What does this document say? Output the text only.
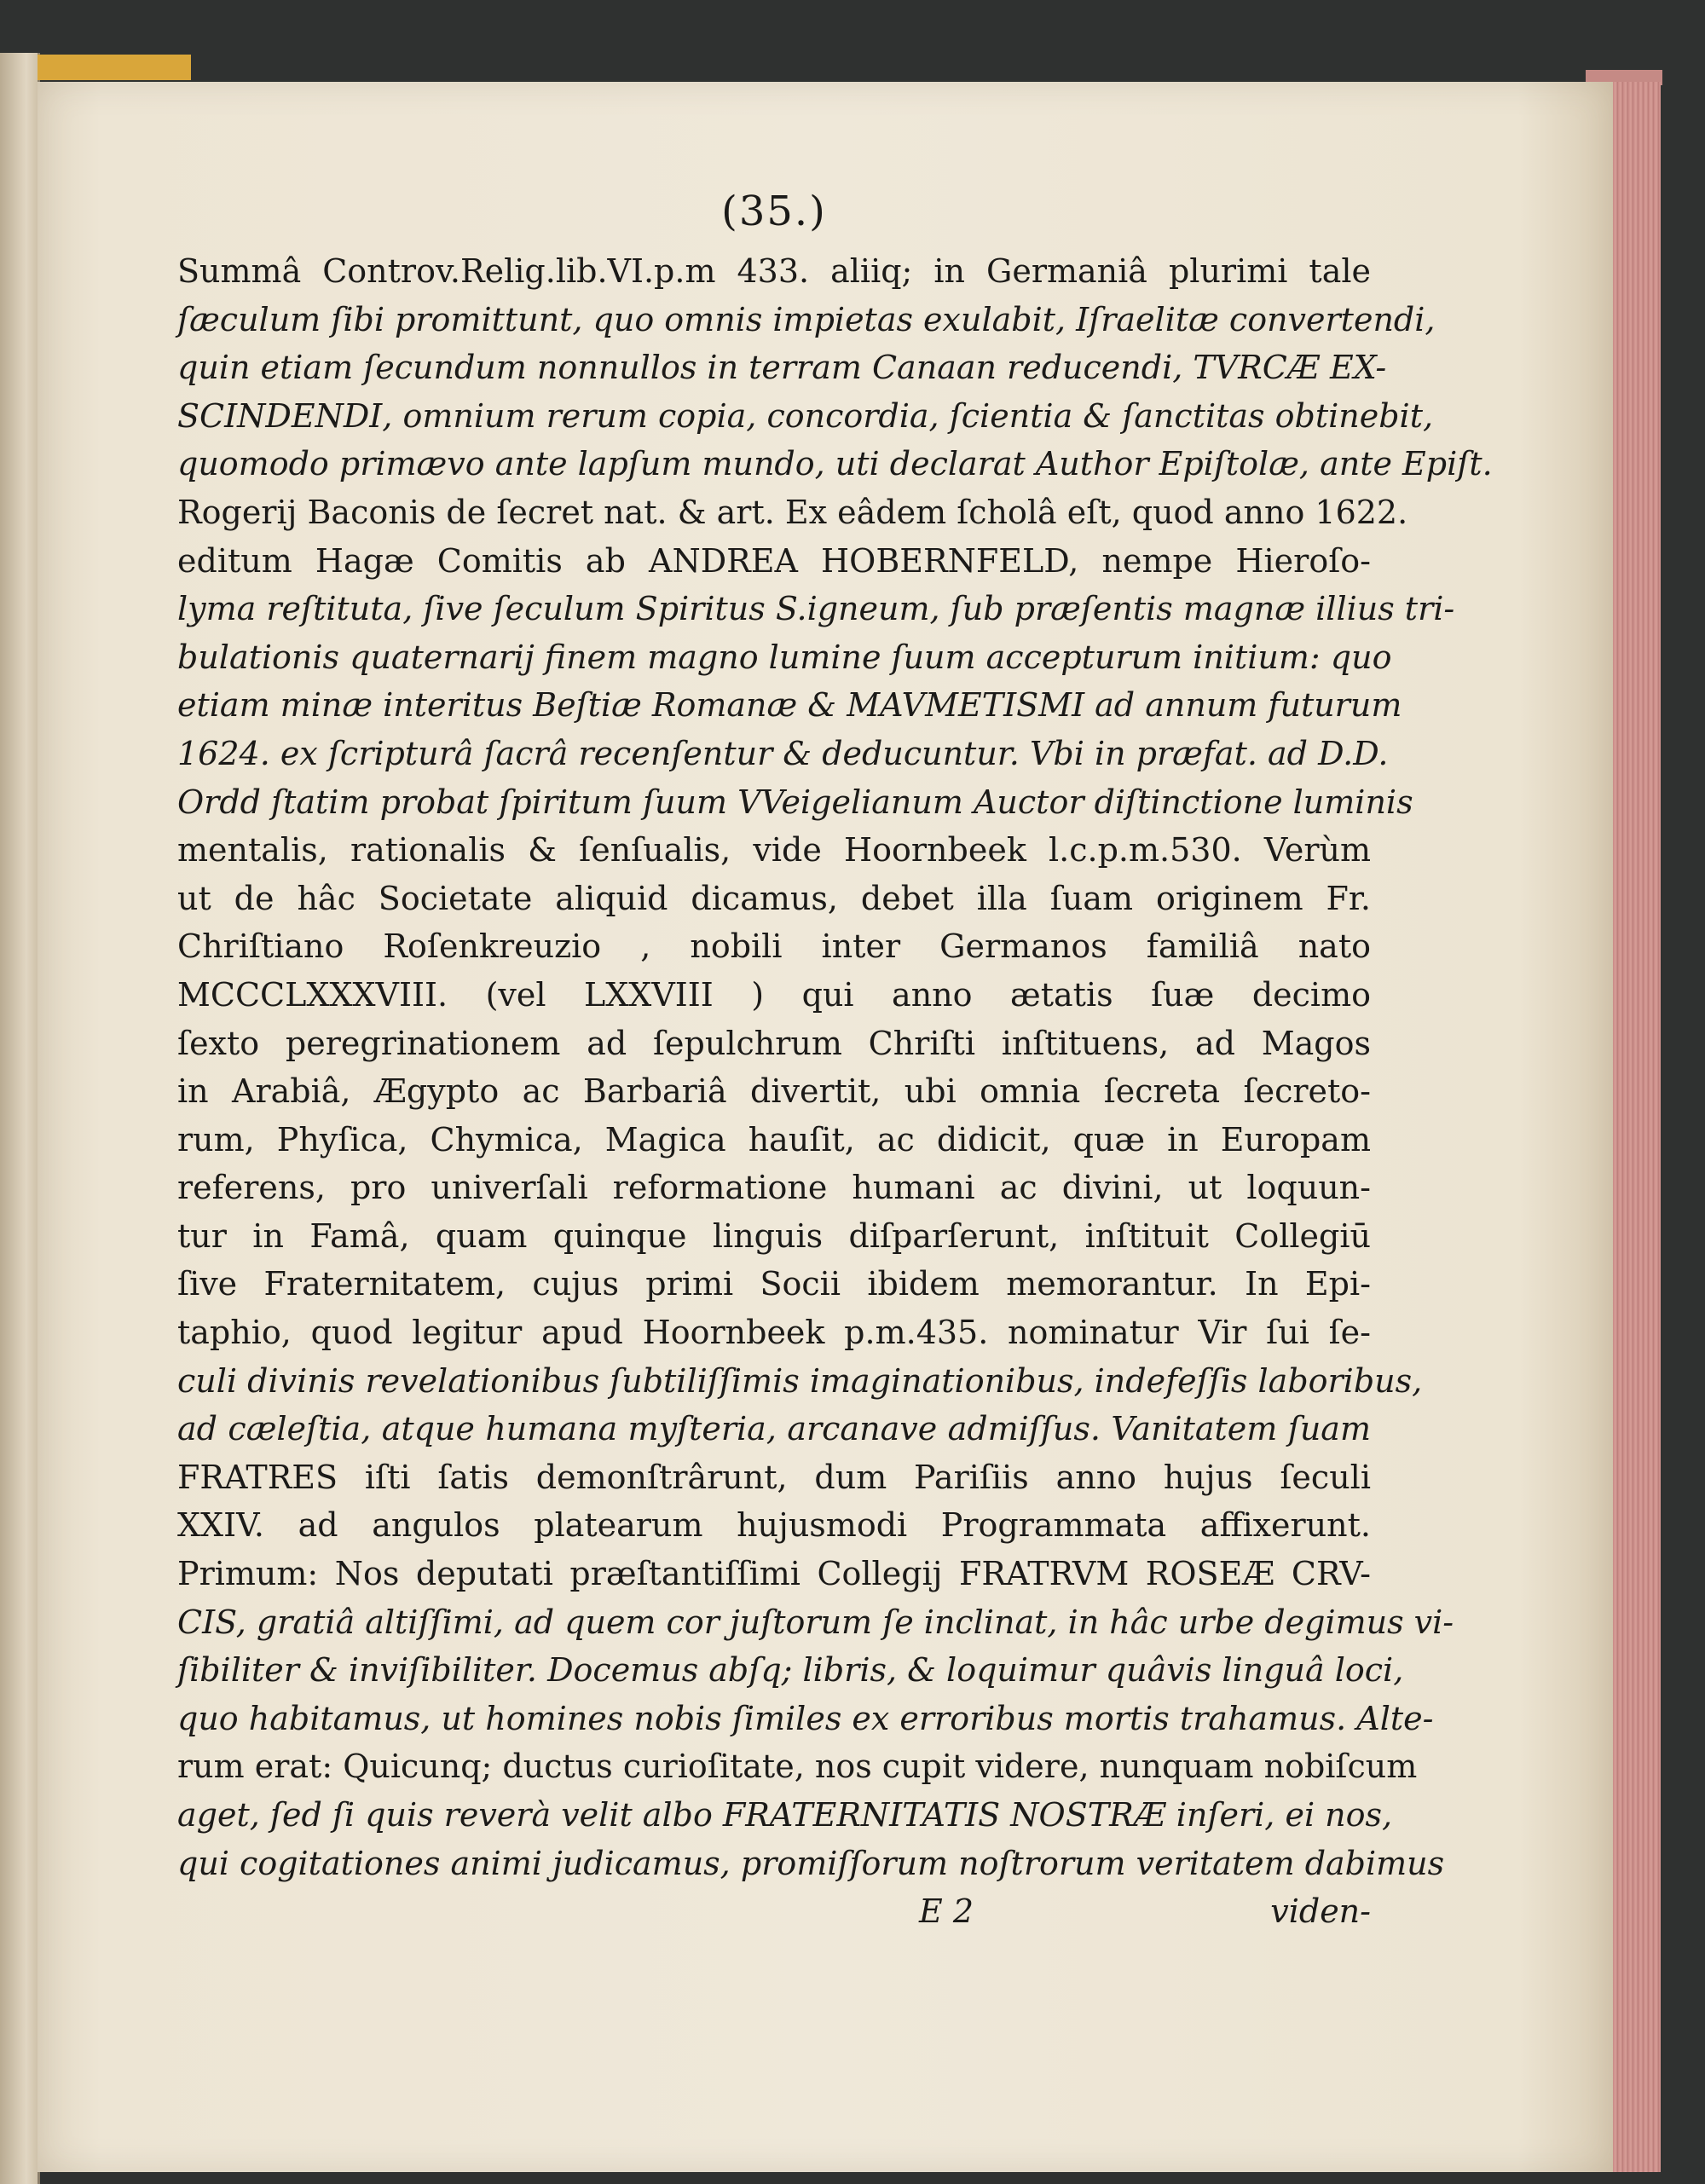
(35.)
Summâ Controv.Relig.lib.VI.p.m 433. aliiq; in Germaniâ plurimi tale
ſæculum ſibi promittunt, quo omnis impietas exulabit, Iſraelitæ convertendi,
quin etiam ſecundum nonnullos in terram Canaan reducendi, TVRCÆ EX-
SCINDENDI, omnium rerum copia, concordia, ſcientia & ſanctitas obtinebit,
quomodo primævo ante lapſum mundo, uti declarat Author Epiſtolæ, ante Epiſt.
Rogerij Baconis de ſecret nat. & art. Ex eâdem ſcholâ eſt, quod anno 1622.
editum Hagæ Comitis ab ANDREA HOBERNFELD, nempe Hieroſo-
lyma reſtituta, ſive ſeculum Spiritus S.igneum, ſub præſentis magnæ illius tri-
bulationis quaternarij finem magno lumine ſuum accepturum initium: quo
etiam minæ interitus Beſtiæ Romanæ & MAVMETISMI ad annum futurum
1624. ex ſcripturâ ſacrâ recenſentur & deducuntur. Vbi in præfat. ad D.D.
Ordd ſtatim probat ſpiritum ſuum VVeigelianum Auctor diſtinctione luminis
mentalis, rationalis & ſenſualis, vide Hoornbeek l.c.p.m.530. Verùm
ut de hâc Societate aliquid dicamus, debet illa ſuam originem Fr.
Chriſtiano Roſenkreuzio , nobili inter Germanos familiâ nato
MCCCLXXXVIII. (vel LXXVIII ) qui anno ætatis ſuæ decimo
ſexto peregrinationem ad ſepulchrum Chriſti inſtituens, ad Magos
in Arabiâ, Ægypto ac Barbariâ divertit, ubi omnia ſecreta ſecreto-
rum, Phyſica, Chymica, Magica hauſit, ac didicit, quæ in Europam
referens, pro univerſali reformatione humani ac divini, ut loquun-
tur in Famâ, quam quinque linguis diſparſerunt, inſtituit Collegiū
ſive Fraternitatem, cujus primi Socii ibidem memorantur. In Epi-
taphio, quod legitur apud Hoornbeek p.m.435. nominatur Vir ſui ſe-
culi divinis revelationibus ſubtiliſſimis imaginationibus, indefeſſis laboribus,
ad cæleſtia, atque humana myſteria, arcanave admiſſus. Vanitatem ſuam
FRATRES iſti ſatis demonſtrârunt, dum Pariſiis anno hujus ſeculi
XXIV. ad angulos platearum hujusmodi Programmata affixerunt.
Primum: Nos deputati præſtantiſſimi Collegij FRATRVM ROSEÆ CRV-
CIS, gratiâ altiſſimi, ad quem cor juſtorum ſe inclinat, in hâc urbe degimus vi-
ſibiliter & inviſibiliter. Docemus abſq; libris, & loquimur quâvis linguâ loci,
quo habitamus, ut homines nobis ſimiles ex erroribus mortis trahamus. Alte-
rum erat: Quicunq; ductus curioſitate, nos cupit videre, nunquam nobiſcum
aget, ſed ſi quis reverà velit albo FRATERNITATIS NOSTRÆ inſeri, ei nos,
qui cogitationes animi judicamus, promiſſorum noſtrorum veritatem dabimus
E 2	viden-
